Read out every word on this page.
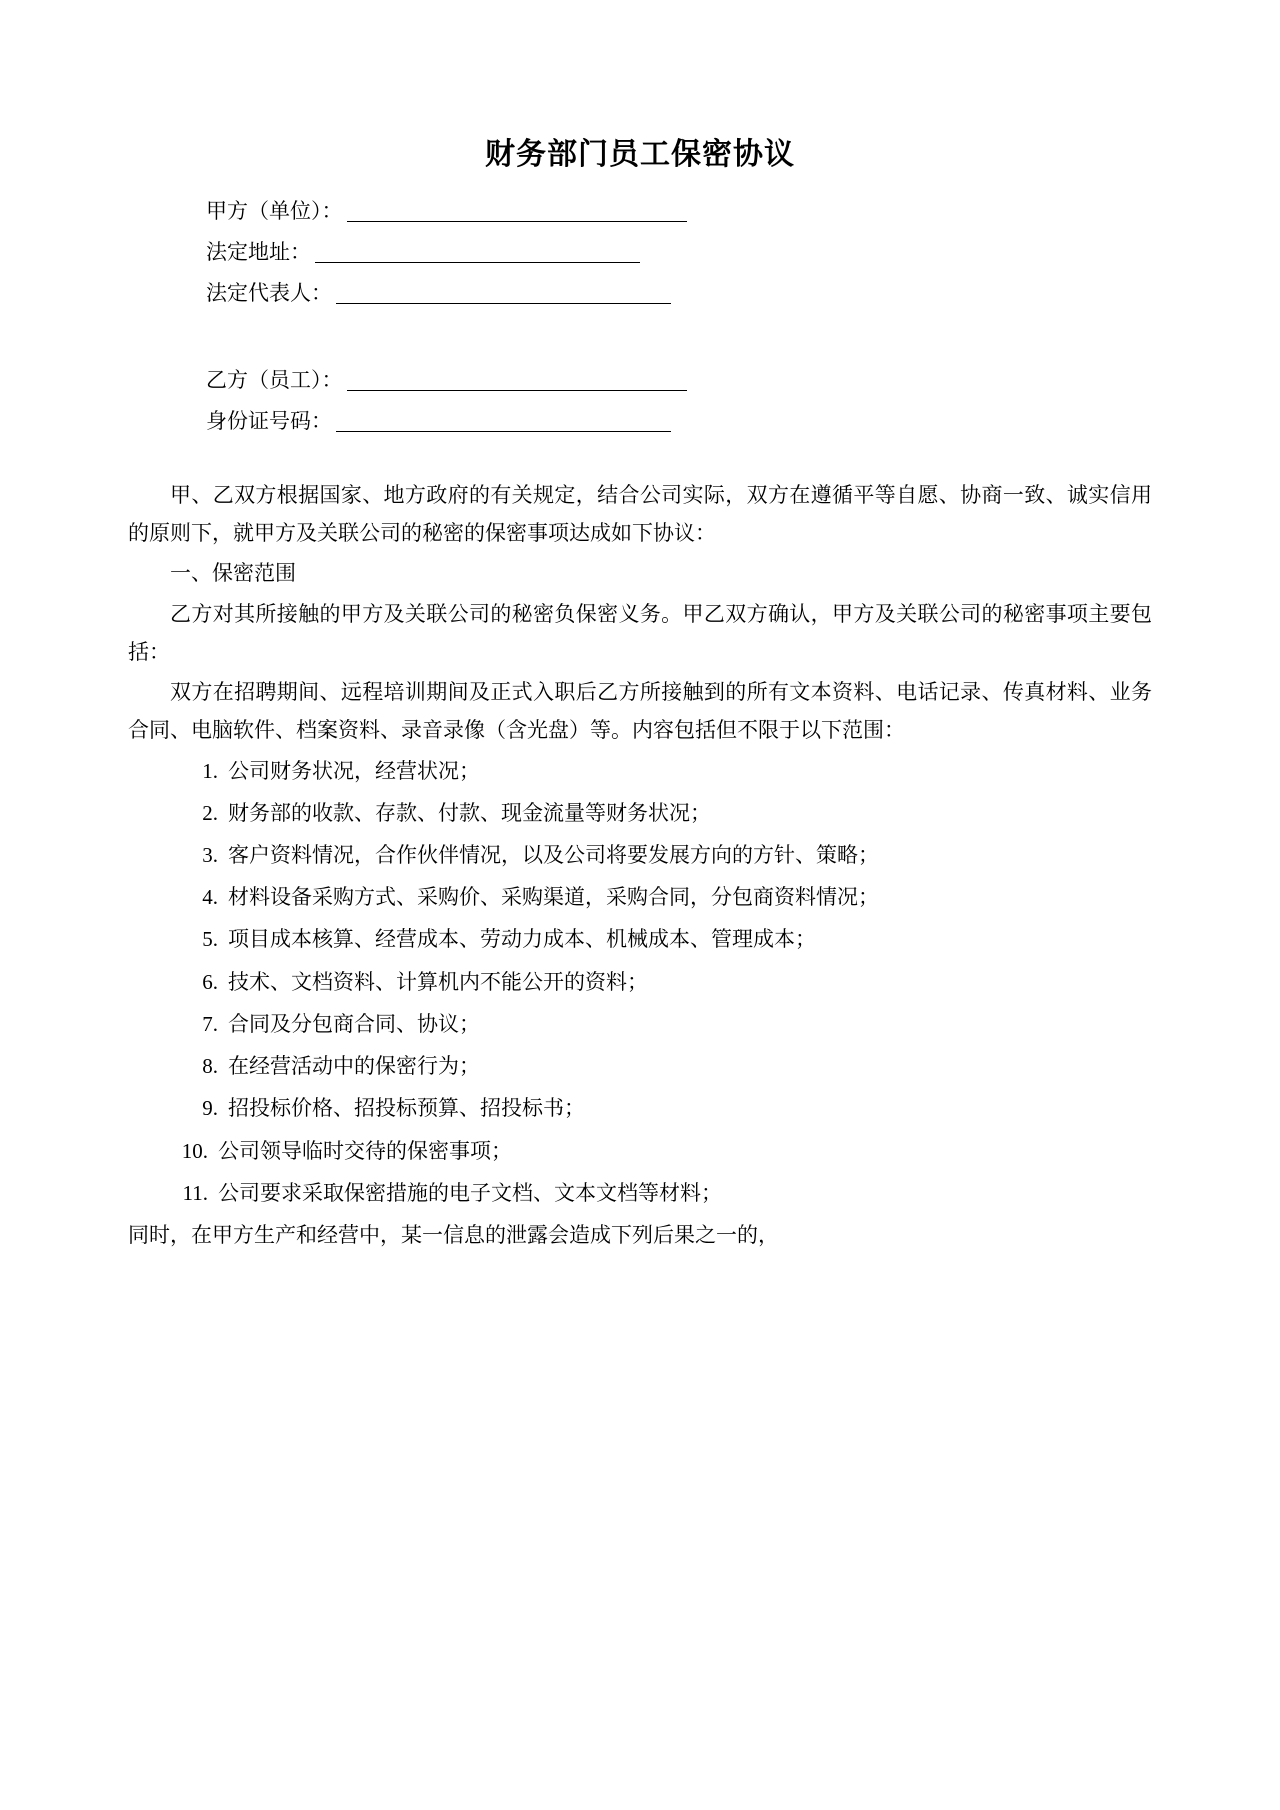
财务部门员工保密协议
甲方（单位）：
法定地址：
法定代表人：
乙方（员工）：
身份证号码：

甲、乙双方根据国家、地方政府的有关规定，结合公司实际，双方在遵循平等自愿、协商一致、诚实信用的原则下，就甲方及关联公司的秘密的保密事项达成如下协议：

一、保密范围

乙方对其所接触的甲方及关联公司的秘密负保密义务。甲乙双方确认，甲方及关联公司的秘密事项主要包括：

双方在招聘期间、远程培训期间及正式入职后乙方所接触到的所有文本资料、电话记录、传真材料、业务合同、电脑软件、档案资料、录音录像（含光盘）等。内容包括但不限于以下范围：

1. 公司财务状况，经营状况；
2. 财务部的收款、存款、付款、现金流量等财务状况；
3. 客户资料情况，合作伙伴情况，以及公司将要发展方向的方针、策略；
4. 材料设备采购方式、采购价、采购渠道，采购合同，分包商资料情况；
5. 项目成本核算、经营成本、劳动力成本、机械成本、管理成本；
6. 技术、文档资料、计算机内不能公开的资料；
7. 合同及分包商合同、协议；
8. 在经营活动中的保密行为；
9. 招投标价格、招投标预算、招投标书；
10. 公司领导临时交待的保密事项；
11. 公司要求采取保密措施的电子文档、文本文档等材料；

同时，在甲方生产和经营中，某一信息的泄露会造成下列后果之一的，
